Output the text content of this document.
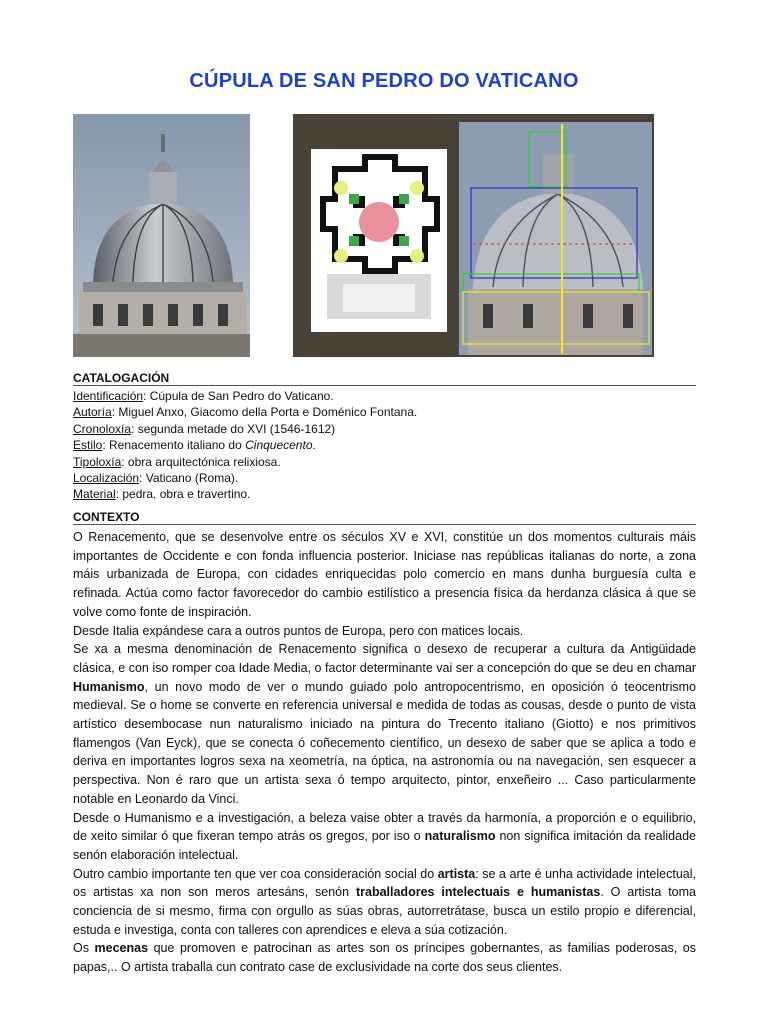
CÚPULA DE SAN PEDRO DO VATICANO
CATALOGACIÓN
Identificación: Cúpula de San Pedro do Vaticano.
Autoría: Miguel Anxo, Giacomo della Porta e Doménico Fontana.
Cronoloxía: segunda metade do XVI (1546-1612)
Estilo: Renacemento italiano do Cinquecento.
Tipoloxía: obra arquitectónica relixiosa.
Localización: Vaticano (Roma).
Material: pedra, obra e travertino.
CONTEXTO

O Renacemento, que se desenvolve entre os séculos XV e XVI, constitúe un dos momentos culturais máis importantes de Occidente e con fonda influencia posterior. Iniciase nas repúblicas italianas do norte, a zona máis urbanizada de Europa, con cidades enriquecidas polo comercio en mans dunha burguesía culta e refinada. Actúa como factor favorecedor do cambio estilístico a presencia física da herdanza clásica á que se volve como fonte de inspiración.

Desde Italia expándese cara a outros puntos de Europa, pero con matices locais.

Se xa a mesma denominación de Renacemento significa o desexo de recuperar a cultura da Antigüidade clásica, e con iso romper coa Idade Media, o factor determinante vai ser a concepción do que se deu en chamar Humanismo, un novo modo de ver o mundo guiado polo antropocentrismo, en oposición ó teocentrismo medieval. Se o home se converte en referencia universal e medida de todas as cousas, desde o punto de vista artístico desembocase nun naturalismo iniciado na pintura do Trecento italiano (Giotto) e nos primitivos flamengos (Van Eyck), que se conecta ó coñecemento científico, un desexo de saber que se aplica a todo e deriva en importantes logros sexa na xeometría, na óptica, na astronomía ou na navegación, sen esquecer a perspectiva. Non é raro que un artista sexa ó tempo arquitecto, pintor, enxeñeiro ... Caso particularmente notable en Leonardo da Vinci.

Desde o Humanismo e a investigación, a beleza vaise obter a través da harmonía, a proporción e o equilibrio, de xeito similar ó que fixeran tempo atrás os gregos, por iso o naturalismo non significa imitación da realidade senón elaboración intelectual.

Outro cambio importante ten que ver coa consideración social do artista: se a arte é unha actividade intelectual, os artistas xa non son meros artesáns, senón traballadores intelectuais e humanistas. O artista toma conciencia de si mesmo, firma con orgullo as súas obras, autorretrátase, busca un estilo propio e diferencial, estuda e investiga, conta con talleres con aprendices e eleva a súa cotización.

Os mecenas que promoven e patrocinan as artes son os príncipes gobernantes, as familias poderosas, os papas,.. O artista traballa cun contrato case de exclusividade na corte dos seus clientes.
